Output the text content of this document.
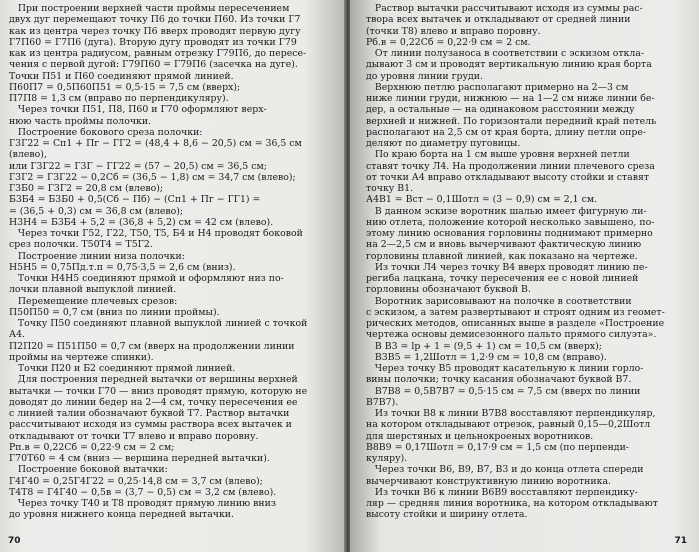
При построении верхней части проймы пересечением
двух дуг перемещают точку П6 до точки П60. Из точки Г7
как из центра через точку П6 вверх проводят первую дугу
Г7П60 = Г7П6 (дуга). Вторую дугу проводят из точки Г79
как из центра радиусом, равным отрезку Г79П6, до пересе-
чения с первой дугой: Г79П60 = Г79П6 (засечка на дуге).
Точки П51 и П60 соединяют прямой линией.
П60П7 = 0,5П60П51 = 0,5·15 = 7,5 см (вверх);
П7П8 = 1,3 см (вправо по перпендикуляру).
Через точки П51, П8, П60 и Г70 оформляют верх-
нюю часть проймы полочки.
Построение бокового среза полочки:
Г3Г22 = Сп1 + Пг − ГГ2 = (48,4 + 8,6 − 20,5) см = 36,5 см
(влево),
или Г3Г22 = Г3Г − ГГ22 = (57 − 20,5) см = 36,5 см;
Г3Г2 = Г3Г22 − 0,2Сб = (36,5 − 1,8) см = 34,7 см (влево);
Г3Б0 = Г3Г2 = 20,8 см (влево);
Б3Б4 = Б3Б0 + 0,5(Сб − Пб) − (Сп1 + Пг − ГГ1) =
= (36,5 + 0,3) см = 36,8 см (влево);
Н3Н4 = Б3Б4 + 5,2 = (36,8 + 5,2) см = 42 см (влево).
Через точки Г52, Г22, Т50, Т5, Б4 и Н4 проводят боковой
срез полочки. Т50Т4 = Т5Г2.
Построение линии низа полочки:
Н5Н5 = 0,75Пд.т.п = 0,75·3,5 = 2,6 см (вниз).
Точки Н4Н5 соединяют прямой и оформляют низ по-
лочки плавной выпуклой линией.
Перемещение плечевых срезов:
П50П50 = 0,7 см (вниз по линии проймы).
Точку П50 соединяют плавной выпуклой линией с точкой
А4.
П2П20 = П51П50 = 0,7 см (вверх на продолжении линии
проймы на чертеже спинки).
Точки П20 и Б2 соединяют прямой линией.
Для построения передней вытачки от вершины верхней
вытачки — точки Г70 — вниз проводят прямую, которую не
доводят до линии бедер на 2—4 см, точку пересечения ее
с линией талии обозначают буквой Т7. Раствор вытачки
рассчитывают исходя из суммы раствора всех вытачек и
откладывают от точки Т7 влево и вправо поровну.
Рп.в = 0,22Сб = 0,22·9 см = 2 см;
Г70Т60 = 4 см (вниз — вершина передней вытачки).
Построение боковой вытачки:
Г4Г40 = 0,25Г4Г22 = 0,25·14,8 см = 3,7 см (влево);
Т4Т8 = Г4Г40 − 0,5в = (3,7 − 0,5) см = 3,2 см (влево).
Через точку Т40 и Т8 проводят прямую линию вниз
до уровня нижнего конца передней вытачки.
70
Раствор вытачки рассчитывают исходя из суммы рас-
твора всех вытачек и откладывают от средней линии
(точки Т8) влево и вправо поровну.
Рб.в = 0,22Сб = 0,22·9 см = 2 см.
От линии полузаноса в соответствии с эскизом откла-
дывают 3 см и проводят вертикальную линию края борта
до уровня линии груди.
Верхнюю петлю располагают примерно на 2—3 см
ниже линии груди, нижнюю — на 1—2 см ниже линии бе-
дер, а остальные — на одинаковом расстоянии между
верхней и нижней. По горизонтали передний край петель
располагают на 2,5 см от края борта, длину петли опре-
деляют по диаметру пуговицы.
По краю борта на 1 см выше уровня верхней петли
ставят точку Л4. На продолжении линии плечевого среза
от точки А4 вправо откладывают высоту стойки и ставят
точку В1.
А4В1 = Вст − 0,1Шотл = (3 − 0,9) см = 2,1 см.
В данном эскизе воротник шалью имеет фигурную ли-
нию отлета, положение которой несколько завышено, по-
этому линию основания горловины поднимают примерно
на 2—2,5 см и вновь вычерчивают фактическую линию
горловины плавной линией, как показано на чертеже.
Из точки Л4 через точку В4 вверх проводят линию пе-
региба лацкана, точку пересечения ее с новой линией
горловины обозначают буквой В.
Воротник зарисовывают на полочке в соответствии
с эскизом, а затем развертывают и строят одним из геомет-
рических методов, описанных выше в разделе «Построение
чертежа основы демисезонного пальто прямого силуэта».
В В3 = lр + 1 = (9,5 + 1) см = 10,5 см (вверх);
В3В5 = 1,2Шотл = 1,2·9 см = 10,8 см (вправо).
Через точку В5 проводят касательную к линии горло-
вины полочки; точку касания обозначают буквой В7.
В7В8 = 0,5В7В7 = 0,5·15 см = 7,5 см (вверх по линии
В7В7).
Из точки В8 к линии В7В8 восставляют перпендикуляр,
на котором откладывают отрезок, равный 0,15—0,2Шотл
для шерстяных и цельнокроеных воротников.
В8В9 = 0,17Шотл = 0,17·9 см = 1,5 см (по перпенди-
куляру).
Через точки В6, В9, В7, В3 и до конца отлета спереди
вычерчивают конструктивную линию воротника.
Из точки В6 к линии В6В9 восставляют перпендику-
ляр — средняя линия воротника, на котором откладывают
высоту стойки и ширину отлета.
71
